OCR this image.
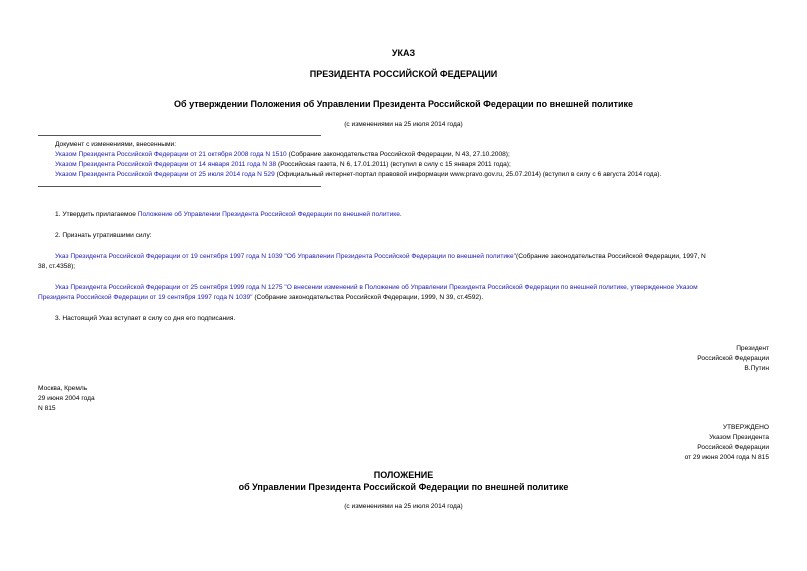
УКАЗ
ПРЕЗИДЕНТА РОССИЙСКОЙ ФЕДЕРАЦИИ
Об утверждении Положения об Управлении Президента Российской Федерации по внешней политике
(с изменениями на 25 июля 2014 года)
Документ с изменениями, внесенными:
Указом Президента Российской Федерации от 21 октября 2008 года N 1510 (Собрание законодательства Российской Федерации, N 43, 27.10.2008);
Указом Президента Российской Федерации от 14 января 2011 года N 38 (Российская газета, N 6, 17.01.2011) (вступил в силу с 15 января 2011 года);
Указом Президента Российской Федерации от 25 июля 2014 года N 529 (Официальный интернет-портал правовой информации www.pravo.gov.ru, 25.07.2014) (вступил в силу с 6 августа 2014 года).
1. Утвердить прилагаемое Положение об Управлении Президента Российской Федерации по внешней политике.
2. Признать утратившими силу:
Указ Президента Российской Федерации от 19 сентября 1997 года N 1039 "Об Управлении Президента Российской Федерации по внешней политике"(Собрание законодательства Российской Федерации, 1997, N
38, ст.4358);
Указ Президента Российской Федерации от 25 сентября 1999 года N 1275 "О внесении изменений в Положение об Управлении Президента Российской Федерации по внешней политике, утвержденное Указом
Президента Российской Федерации от 19 сентября 1997 года N 1039" (Собрание законодательства Российской Федерации, 1999, N 39, ст.4592).
3. Настоящий Указ вступает в силу со дня его подписания.
Президент
Российской Федерации
В.Путин
Москва, Кремль
29 июня 2004 года
N 815
УТВЕРЖДЕНО
Указом Президента
Российской Федерации
от 29 июня 2004 года N 815
ПОЛОЖЕНИЕ
об Управлении Президента Российской Федерации по внешней политике
(с изменениями на 25 июля 2014 года)
